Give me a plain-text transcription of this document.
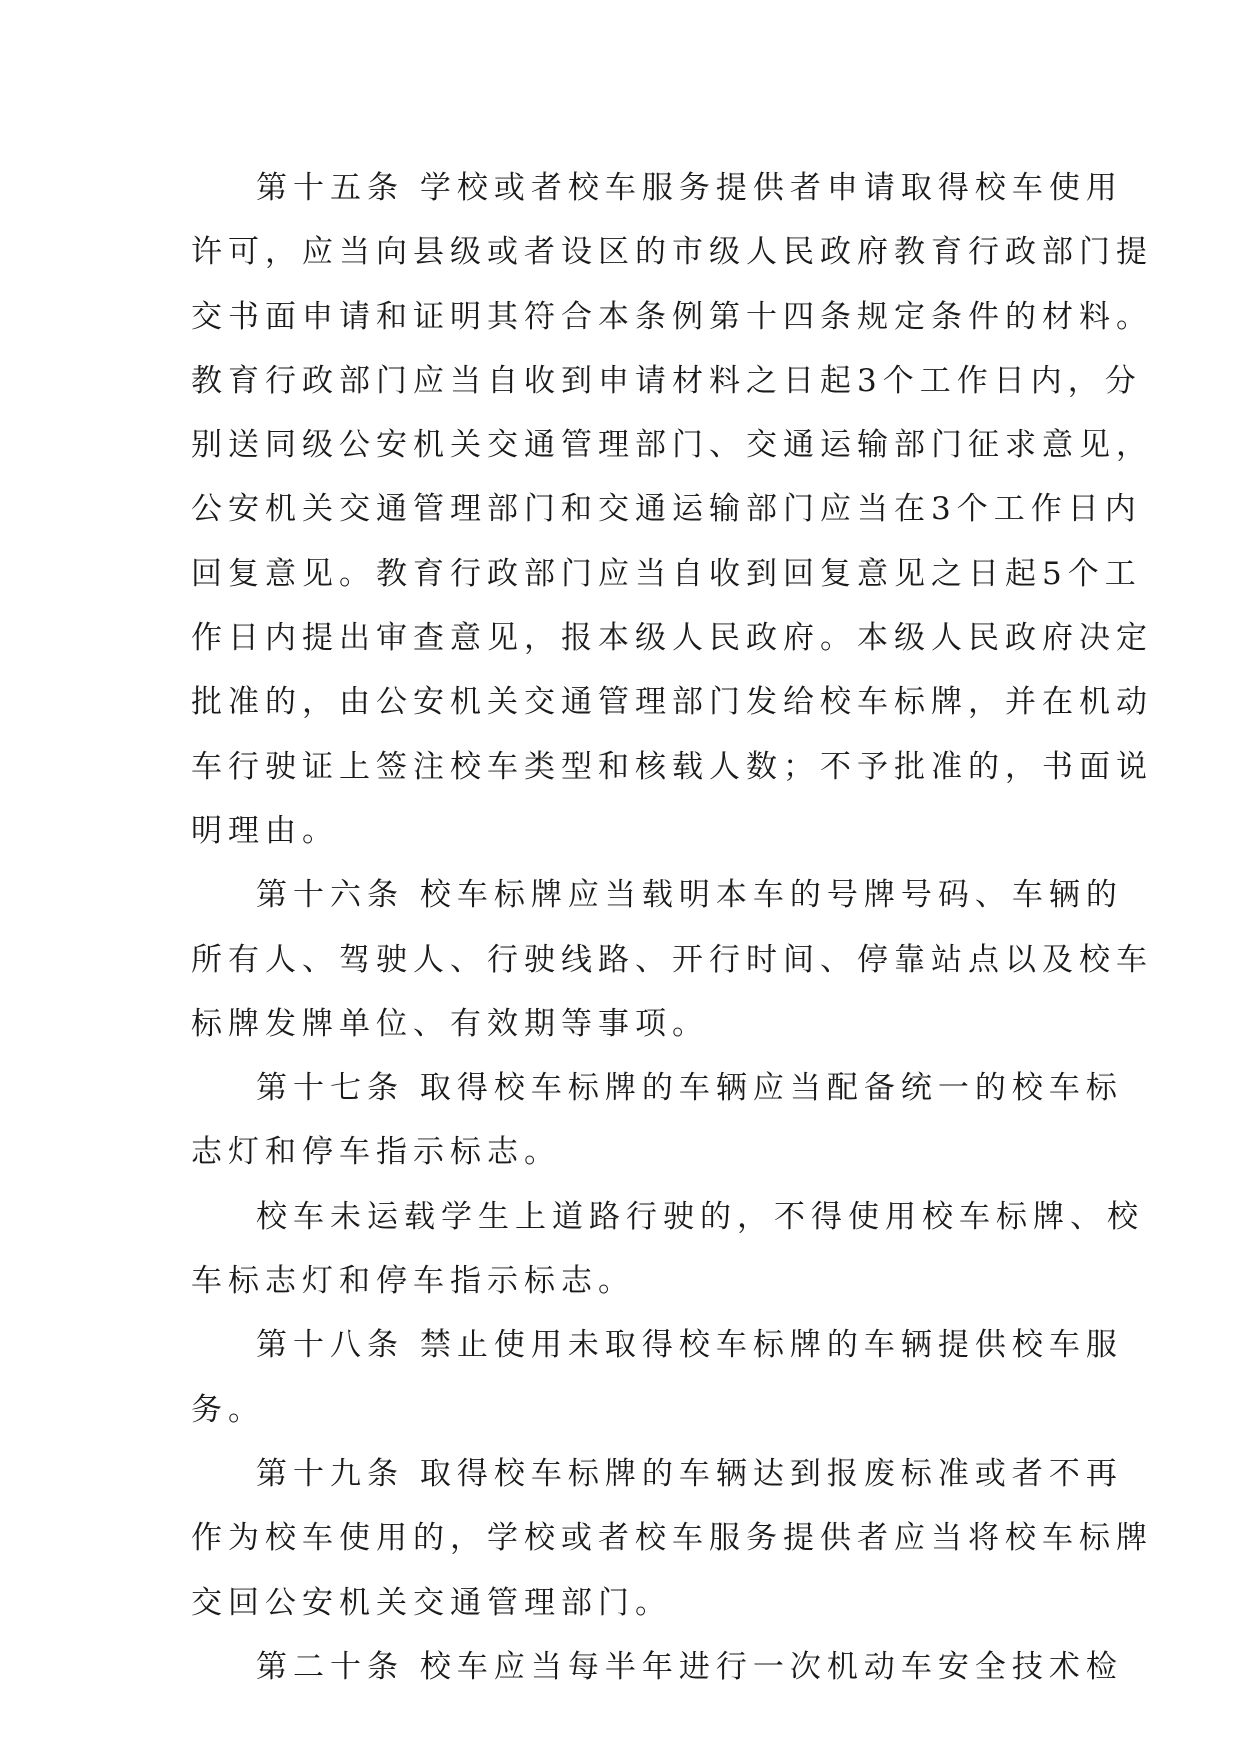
第十五条 学校或者校车服务提供者申请取得校车使用
许可，应当向县级或者设区的市级人民政府教育行政部门提
交书面申请和证明其符合本条例第十四条规定条件的材料。
教育行政部门应当自收到申请材料之日起3个工作日内，分
别送同级公安机关交通管理部门、交通运输部门征求意见，
公安机关交通管理部门和交通运输部门应当在3个工作日内
回复意见。教育行政部门应当自收到回复意见之日起5个工
作日内提出审查意见，报本级人民政府。本级人民政府决定
批准的，由公安机关交通管理部门发给校车标牌，并在机动
车行驶证上签注校车类型和核载人数；不予批准的，书面说
明理由。
第十六条 校车标牌应当载明本车的号牌号码、车辆的
所有人、驾驶人、行驶线路、开行时间、停靠站点以及校车
标牌发牌单位、有效期等事项。
第十七条 取得校车标牌的车辆应当配备统一的校车标
志灯和停车指示标志。
校车未运载学生上道路行驶的，不得使用校车标牌、校
车标志灯和停车指示标志。
第十八条 禁止使用未取得校车标牌的车辆提供校车服
务。
第十九条 取得校车标牌的车辆达到报废标准或者不再
作为校车使用的，学校或者校车服务提供者应当将校车标牌
交回公安机关交通管理部门。
第二十条 校车应当每半年进行一次机动车安全技术检
